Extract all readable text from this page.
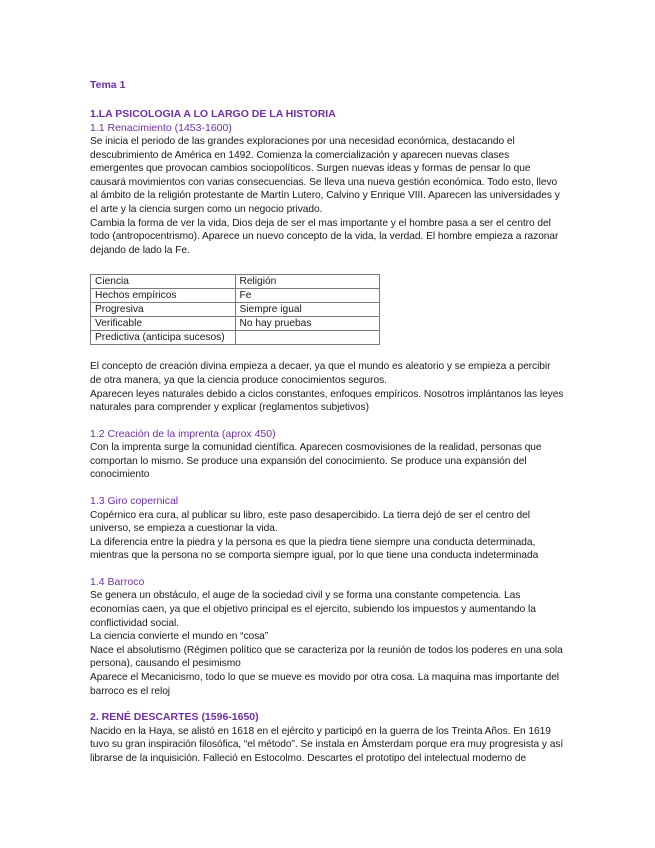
Tema 1
1.LA PSICOLOGIA A LO LARGO DE LA HISTORIA
1.1 Renacimiento (1453-1600)

Se inicia el periodo de las grandes exploraciones por una necesidad económica, destacando el descubrimiento de América en 1492. Comienza la comercialización y aparecen nuevas clases emergentes que provocan cambios sociopolíticos. Surgen nuevas ideas y formas de pensar lo que causará movimientos con varias consecuencias. Se lleva una nueva gestión económica. Todo esto, llevo al ámbito de la religión protestante de Martín Lutero, Calvino y Enrique VIII. Aparecen las universidades y el arte y la ciencia surgen como un negocio privado.

Cambia la forma de ver la vida, Dios deja de ser el mas importante y el hombre pasa a ser el centro del todo (antropocentrismo). Aparece un nuevo concepto de la vida, la verdad. El hombre empieza a razonar dejando de lado la Fe.

Ciencia	Religión
Hechos empíricos	Fe
Progresiva	Siempre igual
Verificable	No hay pruebas
Predictiva (anticipa sucesos)	

El concepto de creación divina empieza a decaer, ya que el mundo es aleatorio y se empieza a percibir de otra manera, ya que la ciencia produce conocimientos seguros.

Aparecen leyes naturales debido a ciclos constantes, enfoques empíricos. Nosotros implántanos las leyes naturales para comprender y explicar (reglamentos subjetivos)

1.2 Creación de la imprenta (aprox 450)

Con la imprenta surge la comunidad científica. Aparecen cosmovisiones de la realidad, personas que comportan lo mismo. Se produce una expansión del conocimiento. Se produce una expansión del conocimiento

1.3 Giro copernical

Copérnico era cura, al publicar su libro, este paso desapercibido. La tierra dejó de ser el centro del universo, se empieza a cuestionar la vida.

La diferencia entre la piedra y la persona es que la piedra tiene siempre una conducta determinada, mientras que la persona no se comporta siempre igual, por lo que tiene una conducta indeterminada

1.4 Barroco

Se genera un obstáculo, el auge de la sociedad civil y se forma una constante competencia. Las economías caen, ya que el objetivo principal es el ejercito, subiendo los impuestos y aumentando la conflictividad social.

La ciencia convierte el mundo en “cosa”

Nace el absolutismo (Régimen político que se caracteriza por la reunión de todos los poderes en una sola persona), causando el pesimismo

Aparece el Mecanicismo, todo lo que se mueve es movido por otra cosa. La maquina mas importante del barroco es el reloj

2. RENÉ DESCARTES (1596-1650)

Nacido en la Haya, se alistó en 1618 en el ejército y participó en la guerra de los Treinta Años. En 1619 tuvo su gran inspiración filosófica, “el método”. Se instala en Ámsterdam porque era muy progresista y así librarse de la inquisición. Falleció en Estocolmo. Descartes el prototipo del intelectual moderno de
